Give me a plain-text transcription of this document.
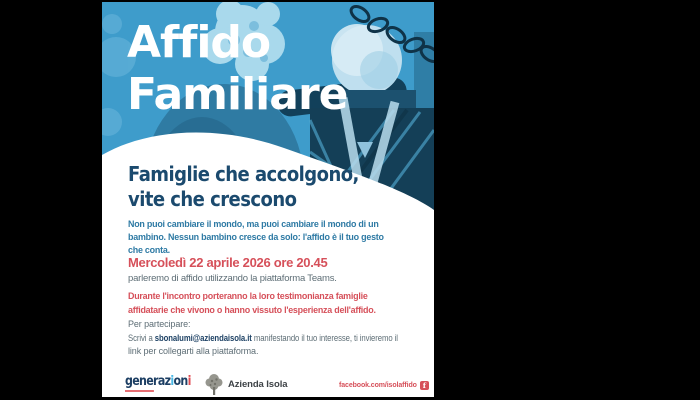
Affido
Familiare
Famiglie che accolgono,
vite che crescono
Non puoi cambiare il mondo, ma puoi cambiare il mondo di un
bambino. Nessun bambino cresce da solo: l'affido è il tuo gesto
che conta.
Mercoledì 22 aprile 2026 ore 20.45
parleremo di affido utilizzando la piattaforma Teams.
Durante l'incontro porteranno la loro testimonianza famiglie
affidatarie che vivono o hanno vissuto l'esperienza dell'affido.
Per partecipare:
Scrivi a sbonalumi@aziendaisola.it manifestando il tuo interesse, ti invieremo il
link per collegarti alla piattaforma.
generazioni	Azienda Isola	facebook.com/isolaffido f
